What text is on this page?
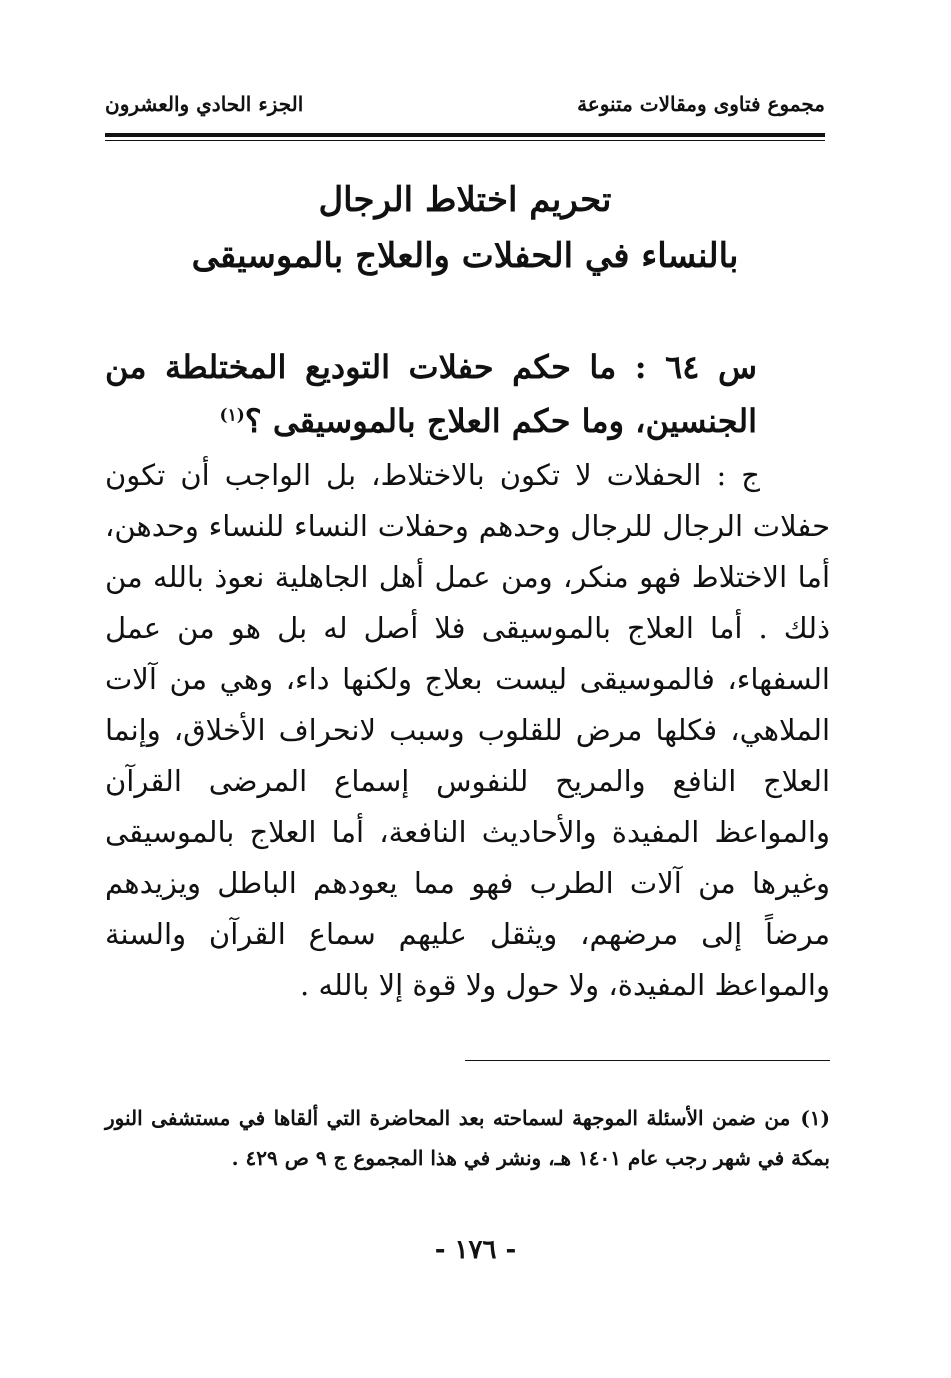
مجموع فتاوى ومقالات متنوعة
الجزء الحادي والعشرون
تحريم اختلاط الرجال
بالنساء في الحفلات والعلاج بالموسيقى
س ٦٤ : ما حكم حفلات التوديع المختلطة من الجنسين، وما حكم العلاج بالموسيقى ؟$^{(١)}$
ج : الحفلات لا تكون بالاختلاط، بل الواجب أن تكون حفلات الرجال للرجال وحدهم وحفلات النساء للنساء وحدهن، أما الاختلاط فهو منكر، ومن عمل أهل الجاهلية نعوذ بالله من ذلك . أما العلاج بالموسيقى فلا أصل له بل هو من عمل السفهاء، فالموسيقى ليست بعلاج ولكنها داء، وهي من آلات الملاهي، فكلها مرض للقلوب وسبب لانحراف الأخلاق، وإنما العلاج النافع والمريح للنفوس إسماع المرضى القرآن والمواعظ المفيدة والأحاديث النافعة، أما العلاج بالموسيقى وغيرها من آلات الطرب فهو مما يعودهم الباطل ويزيدهم مرضاً إلى مرضهم، ويثقل عليهم سماع القرآن والسنة والمواعظ المفيدة، ولا حول ولا قوة إلا بالله .
(١)من ضمن الأسئلة الموجهة لسماحته بعد المحاضرة التي ألقاها في مستشفى النور بمكة في شهر رجب عام ١٤٠١ هـ، ونشر في هذا المجموع ج ٩ ص ٤٢٩ .
- ١٧٦ -
